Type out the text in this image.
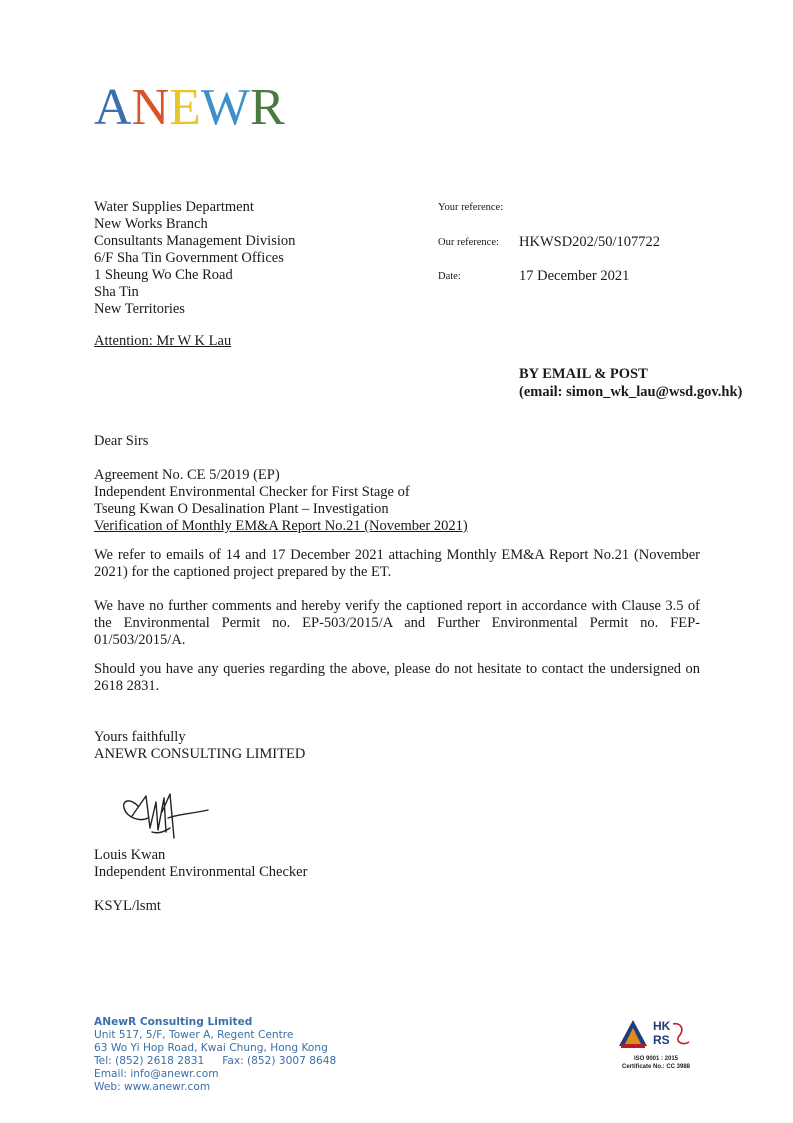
ANEWR
Water Supplies Department
New Works Branch
Consultants Management Division
6/F Sha Tin Government Offices
1 Sheung Wo Che Road
Sha Tin
New Territories
Your reference:
Our reference: HKWSD202/50/107722
Date:	17 December 2021
Attention: Mr W K Lau
BY EMAIL & POST
(email: simon_wk_lau@wsd.gov.hk)
Dear Sirs
Agreement No. CE 5/2019 (EP)
Independent Environmental Checker for First Stage of
Tseung Kwan O Desalination Plant – Investigation
Verification of Monthly EM&A Report No.21 (November 2021)
We refer to emails of 14 and 17 December 2021 attaching Monthly EM&A Report No.21 (November 2021) for the captioned project prepared by the ET.
We have no further comments and hereby verify the captioned report in accordance with Clause 3.5 of the Environmental Permit no. EP-503/2015/A and Further Environmental Permit no. FEP-01/503/2015/A.
Should you have any queries regarding the above, please do not hesitate to contact the undersigned on 2618 2831.
Yours faithfully
ANEWR CONSULTING LIMITED
Louis Kwan
Independent Environmental Checker
KSYL/lsmt
ANewR Consulting Limited
Unit 517, 5/F, Tower A, Regent Centre
63 Wo Yi Hop Road, Kwai Chung, Hong Kong
Tel: (852) 2618 2831 Fax: (852) 3007 8648
Email: info@anewr.com
Web: www.anewr.com
HK
RS
ISO 9001 : 2015
Certificate No.: CC 3988
